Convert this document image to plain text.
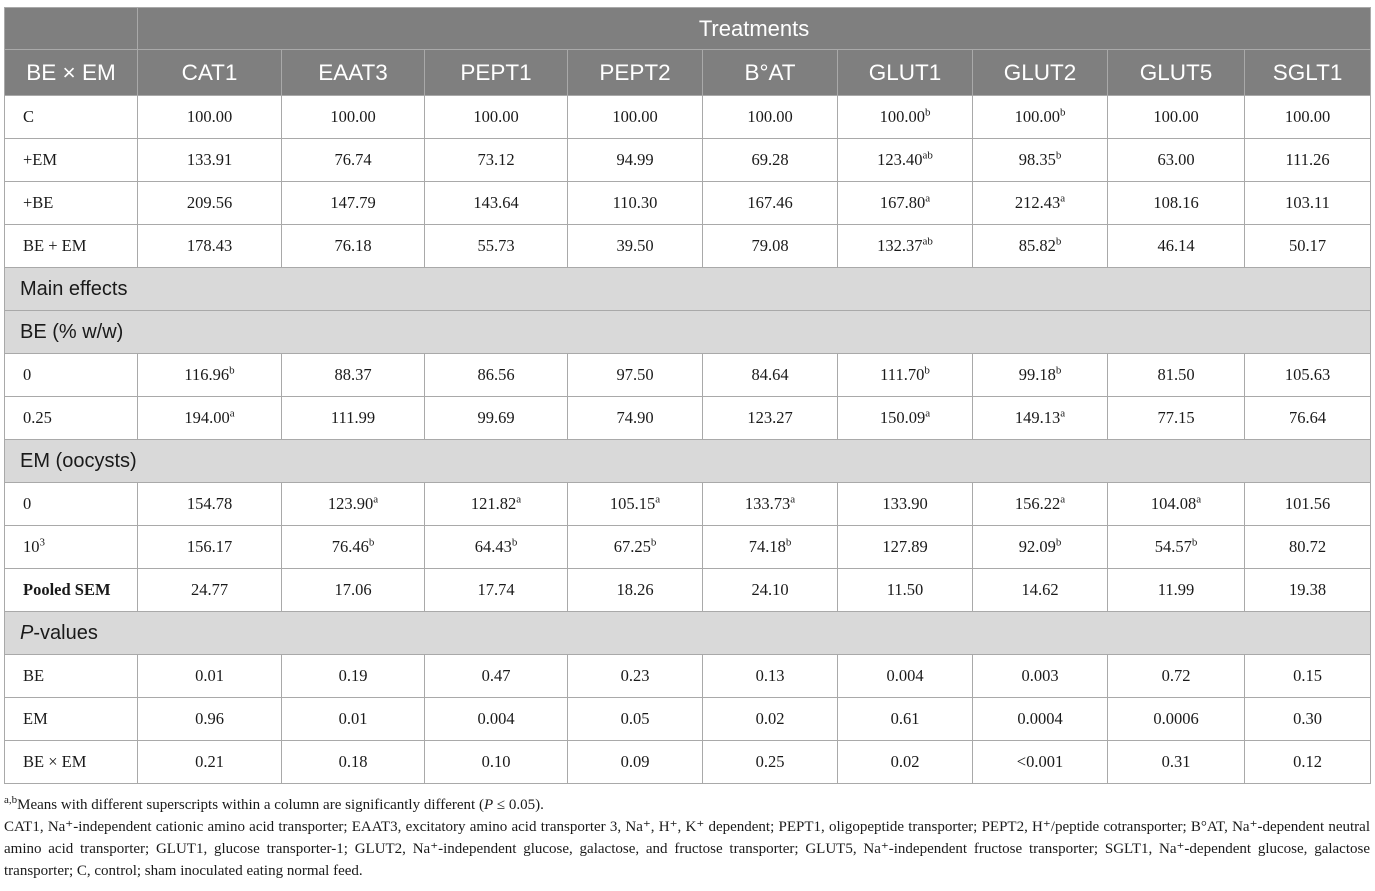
	Treatments								
BE × EM	CAT1	EAAT3	PEPT1	PEPT2	B°AT	GLUT1	GLUT2	GLUT5	SGLT1
C	100.00	100.00	100.00	100.00	100.00	100.00$^b$	100.00$^b$	100.00	100.00
+EM	133.91	76.74	73.12	94.99	69.28	123.40$^{ab}$	98.35$^b$	63.00	111.26
+BE	209.56	147.79	143.64	110.30	167.46	167.80$^a$	212.43$^a$	108.16	103.11
BE + EM	178.43	76.18	55.73	39.50	79.08	132.37$^{ab}$	85.82$^b$	46.14	50.17
Main effects									
BE (% w/w)									
0	116.96$^b$	88.37	86.56	97.50	84.64	111.70$^b$	99.18$^b$	81.50	105.63
0.25	194.00$^a$	111.99	99.69	74.90	123.27	150.09$^a$	149.13$^a$	77.15	76.64
EM (oocysts)									
0	154.78	123.90$^a$	121.82$^a$	105.15$^a$	133.73$^a$	133.90	156.22$^a$	104.08$^a$	101.56
$10^3$	156.17	76.46$^b$	64.43$^b$	67.25$^b$	74.18$^b$	127.89	92.09$^b$	54.57$^b$	80.72
Pooled SEM	24.77	17.06	17.74	18.26	24.10	11.50	14.62	11.99	19.38
P-values									
BE	0.01	0.19	0.47	0.23	0.13	0.004	0.003	0.72	0.15
EM	0.96	0.01	0.004	0.05	0.02	0.61	0.0004	0.0006	0.30
BE × EM	0.21	0.18	0.10	0.09	0.25	0.02	<0.001	0.31	0.12

$^{a,b}$Means with different superscripts within a column are significantly different (P ≤ 0.05).

CAT1, Na⁺-independent cationic amino acid transporter; EAAT3, excitatory amino acid transporter 3, Na⁺, H⁺, K⁺ dependent; PEPT1, oligopeptide transporter; PEPT2, H⁺/peptide cotransporter; B°AT, Na⁺-dependent neutral amino acid transporter; GLUT1, glucose transporter-1; GLUT2, Na⁺-independent glucose, galactose, and fructose transporter; GLUT5, Na⁺-independent fructose transporter; SGLT1, Na⁺-dependent glucose, galactose transporter; C, control; sham inoculated eating normal feed.
